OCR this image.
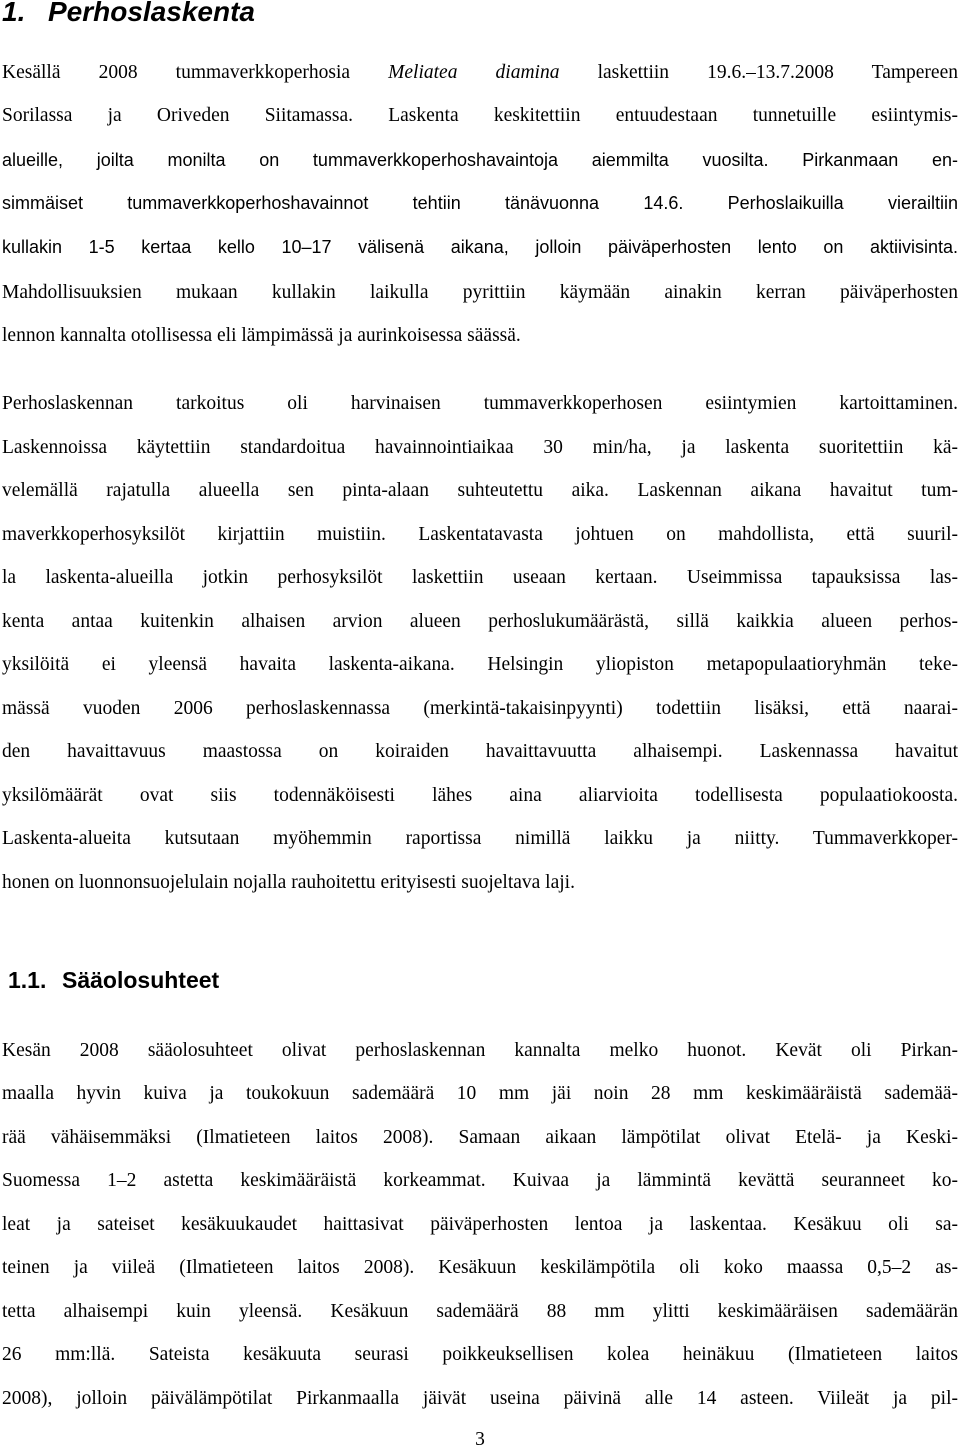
1. Perhoslaskenta
Kesällä 2008 tummaverkkoperhosia Meliatea diamina laskettiin 19.6.–13.7.2008 Tampereen
Sorilassa ja Oriveden Siitamassa. Laskenta keskitettiin entuudestaan tunnetuille esiintymis-
alueille, joilta monilta on tummaverkkoperhoshavaintoja aiemmilta vuosilta. Pirkanmaan en-
simmäiset tummaverkkoperhoshavainnot tehtiin tänävuonna 14.6. Perhoslaikuilla vierailtiin
kullakin 1-5 kertaa kello 10–17 välisenä aikana, jolloin päiväperhosten lento on aktiivisinta.
Mahdollisuuksien mukaan kullakin laikulla pyrittiin käymään ainakin kerran päiväperhosten
lennon kannalta otollisessa eli lämpimässä ja aurinkoisessa säässä.
Perhoslaskennan tarkoitus oli harvinaisen tummaverkkoperhosen esiintymien kartoittaminen.
Laskennoissa käytettiin standardoitua havainnointiaikaa 30 min/ha, ja laskenta suoritettiin kä-
velemällä rajatulla alueella sen pinta-alaan suhteutettu aika. Laskennan aikana havaitut tum-
maverkkoperhosyksilöt kirjattiin muistiin. Laskentatavasta johtuen on mahdollista, että suuril-
la laskenta-alueilla jotkin perhosyksilöt laskettiin useaan kertaan. Useimmissa tapauksissa las-
kenta antaa kuitenkin alhaisen arvion alueen perhoslukumäärästä, sillä kaikkia alueen perhos-
yksilöitä ei yleensä havaita laskenta-aikana. Helsingin yliopiston metapopulaatioryhmän teke-
mässä vuoden 2006 perhoslaskennassa (merkintä-takaisinpyynti) todettiin lisäksi, että naarai-
den havaittavuus maastossa on koiraiden havaittavuutta alhaisempi. Laskennassa havaitut
yksilömäärät ovat siis todennäköisesti lähes aina aliarvioita todellisesta populaatiokoosta.
Laskenta-alueita kutsutaan myöhemmin raportissa nimillä laikku ja niitty. Tummaverkkoper-
honen on luonnonsuojelulain nojalla rauhoitettu erityisesti suojeltava laji.
1.1. Sääolosuhteet
Kesän 2008 sääolosuhteet olivat perhoslaskennan kannalta melko huonot. Kevät oli Pirkan-
maalla hyvin kuiva ja toukokuun sademäärä 10 mm jäi noin 28 mm keskimääräistä sademää-
rää vähäisemmäksi (Ilmatieteen laitos 2008). Samaan aikaan lämpötilat olivat Etelä- ja Keski-
Suomessa 1–2 astetta keskimääräistä korkeammat. Kuivaa ja lämmintä kevättä seuranneet ko-
leat ja sateiset kesäkuukaudet haittasivat päiväperhosten lentoa ja laskentaa. Kesäkuu oli sa-
teinen ja viileä (Ilmatieteen laitos 2008). Kesäkuun keskilämpötila oli koko maassa 0,5–2 as-
tetta alhaisempi kuin yleensä. Kesäkuun sademäärä 88 mm ylitti keskimääräisen sademäärän
26 mm:llä. Sateista kesäkuuta seurasi poikkeuksellisen kolea heinäkuu (Ilmatieteen laitos
2008), jolloin päivälämpötilat Pirkanmaalla jäivät useina päivinä alle 14 asteen. Viileät ja pil-
3
